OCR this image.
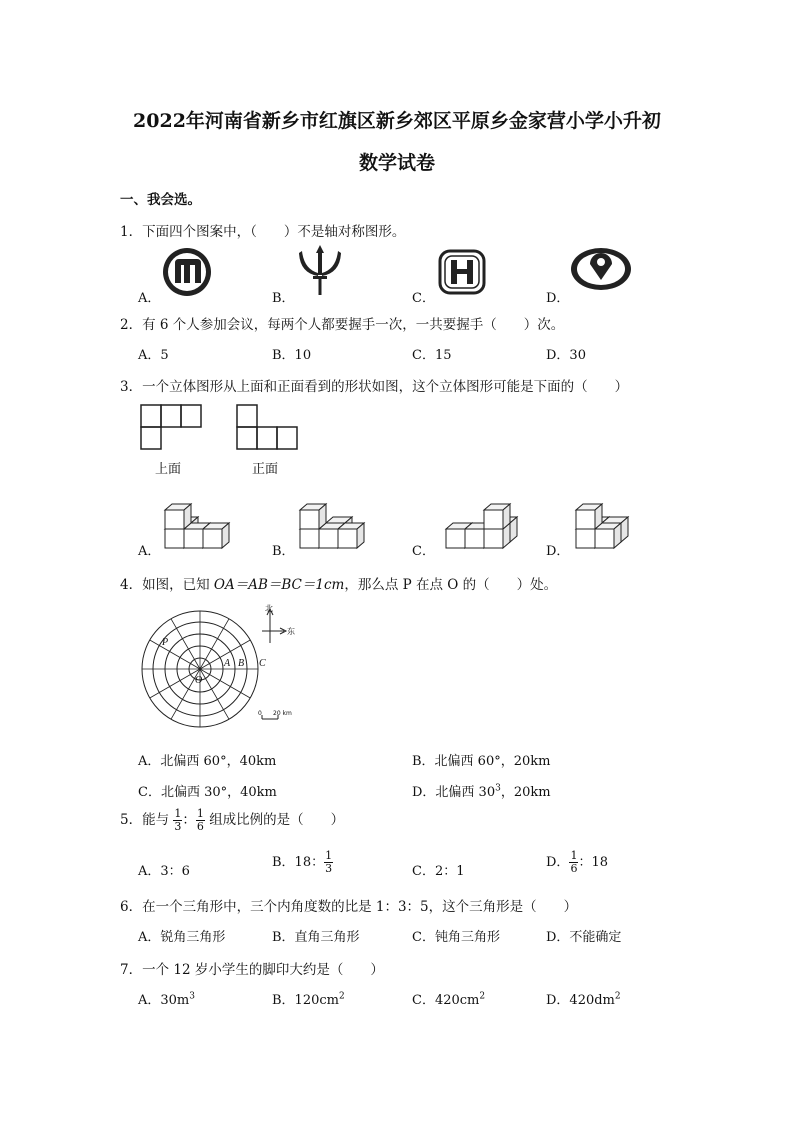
2022年河南省新乡市红旗区新乡郊区平原乡金家营小学小升初
数学试卷
一、我会选。
1．下面四个图案中，（　　）不是轴对称图形。
A．	B．	C．	D．
2．有 6 个人参加会议，每两个人都要握手一次，一共要握手（　　）次。
A．5	B．10	C．15	D．30
3．一个立体图形从上面和正面看到的形状如图，这个立体图形可能是下面的（　　）
上面	正面
A．	B．	C．	D．
4．如图，已知 OA＝AB＝BC＝1cm，那么点 P 在点 O 的（　　）处。
P
A B C
O
北
东
0 20 km
A．北偏西 60°，40km	B．北偏西 60°，20km
C．北偏西 30°，40km	D．北偏西 $30^3$，20km
5．能与 $\frac{1}{3}$ ： $\frac{1}{6}$ 组成比例的是（　　）
A．3：6
B．18： $\frac{1}{3}$	C．2：1
D． $\frac{1}{6}$ ：18
6．在一个三角形中，三个内角度数的比是 1：3：5，这个三角形是（　　）
A．锐角三角形	B．直角三角形	C．钝角三角形	D．不能确定
7．一个 12 岁小学生的脚印大约是（　　）
A．$30m^3$	B．$120cm^2$	C．$420cm^2$	D．$420dm^2$
